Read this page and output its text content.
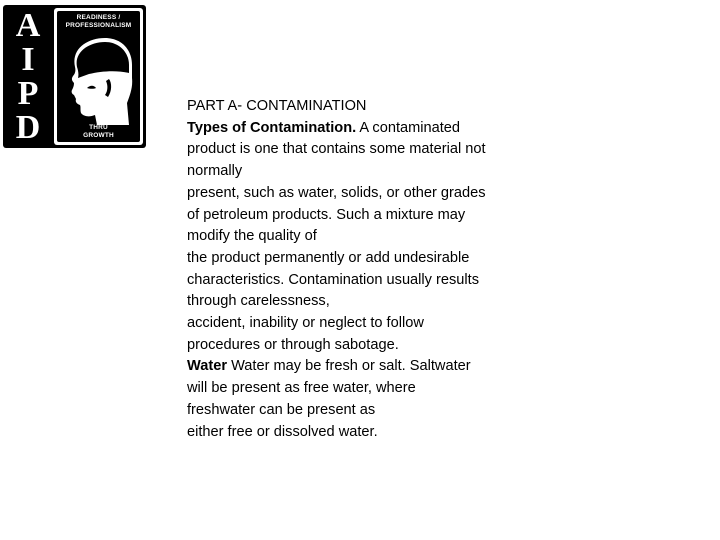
A
I
P
D
READINESS /
PROFESSIONALISM
THRU
GROWTH
PART A- CONTAMINATION
Types of Contamination. A contaminated
product is one that contains some material not
normally
present, such as water, solids, or other grades
of petroleum products. Such a mixture may
modify the quality of
the product permanently or add undesirable
characteristics. Contamination usually results
through carelessness,
accident, inability or neglect to follow
procedures or through sabotage.
Water Water may be fresh or salt. Saltwater
will be present as free water, where
freshwater can be present as
either free or dissolved water.
